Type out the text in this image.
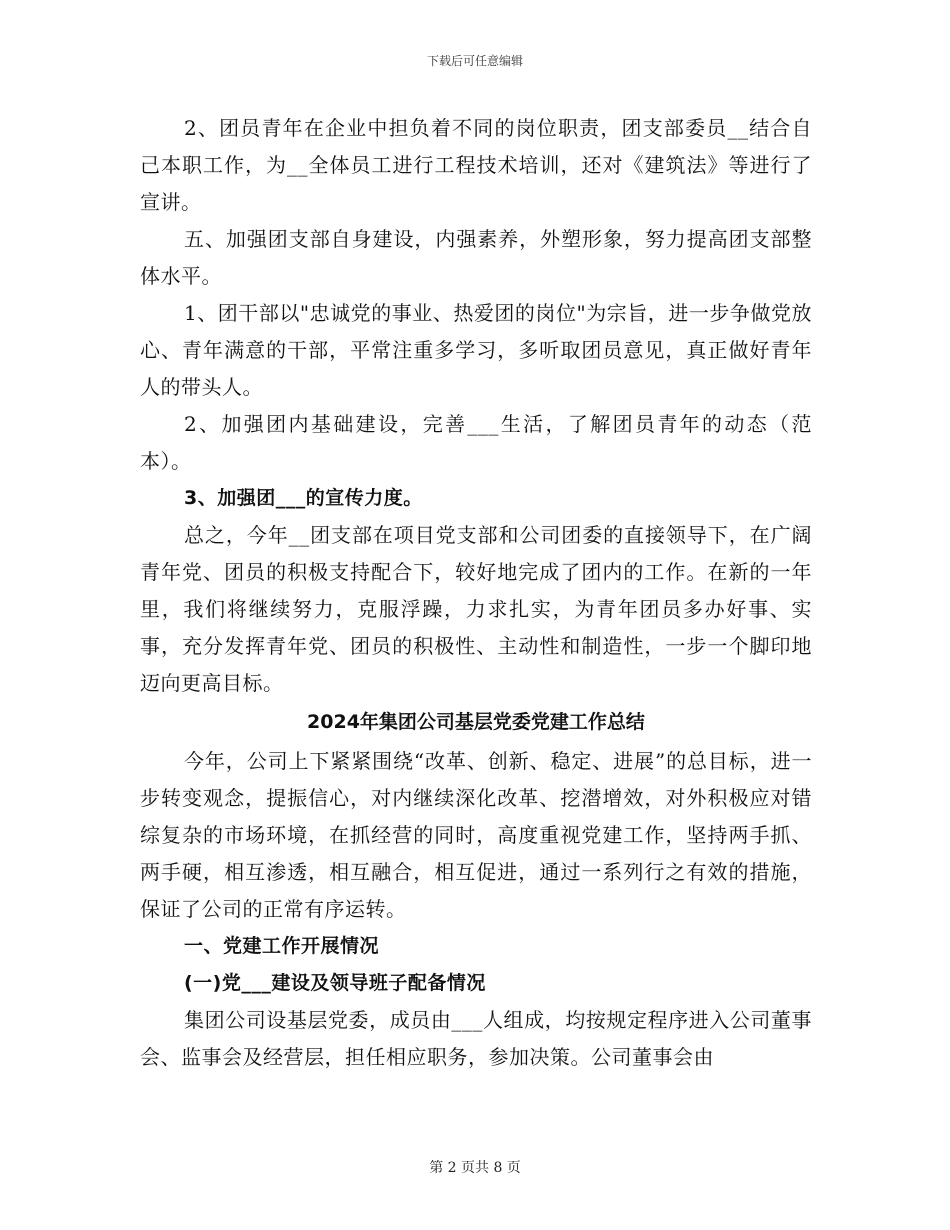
下载后可任意编辑

2、团员青年在企业中担负着不同的岗位职责，团支部委员__结合自己本职工作，为__全体员工进行工程技术培训，还对《建筑法》等进行了宣讲。

五、加强团支部自身建设，内强素养，外塑形象，努力提高团支部整体水平。

1、团干部以"忠诚党的事业、热爱团的岗位"为宗旨，进一步争做党放心、青年满意的干部，平常注重多学习，多听取团员意见，真正做好青年人的带头人。

2、加强团内基础建设，完善___生活，了解团员青年的动态（范本）。

3、加强团___的宣传力度。

总之，今年__团支部在项目党支部和公司团委的直接领导下，在广阔青年党、团员的积极支持配合下，较好地完成了团内的工作。在新的一年里，我们将继续努力，克服浮躁，力求扎实，为青年团员多办好事、实事，充分发挥青年党、团员的积极性、主动性和制造性，一步一个脚印地迈向更高目标。

2024年集团公司基层党委党建工作总结

今年，公司上下紧紧围绕“改革、创新、稳定、进展”的总目标，进一步转变观念，提振信心，对内继续深化改革、挖潜增效，对外积极应对错综复杂的市场环境，在抓经营的同时，高度重视党建工作，坚持两手抓、两手硬，相互渗透，相互融合，相互促进，通过一系列行之有效的措施，保证了公司的正常有序运转。

一、党建工作开展情况

(一)党___建设及领导班子配备情况

集团公司设基层党委，成员由___人组成，均按规定程序进入公司董事会、监事会及经营层，担任相应职务，参加决策。公司董事会由

第 2 页共 8 页
